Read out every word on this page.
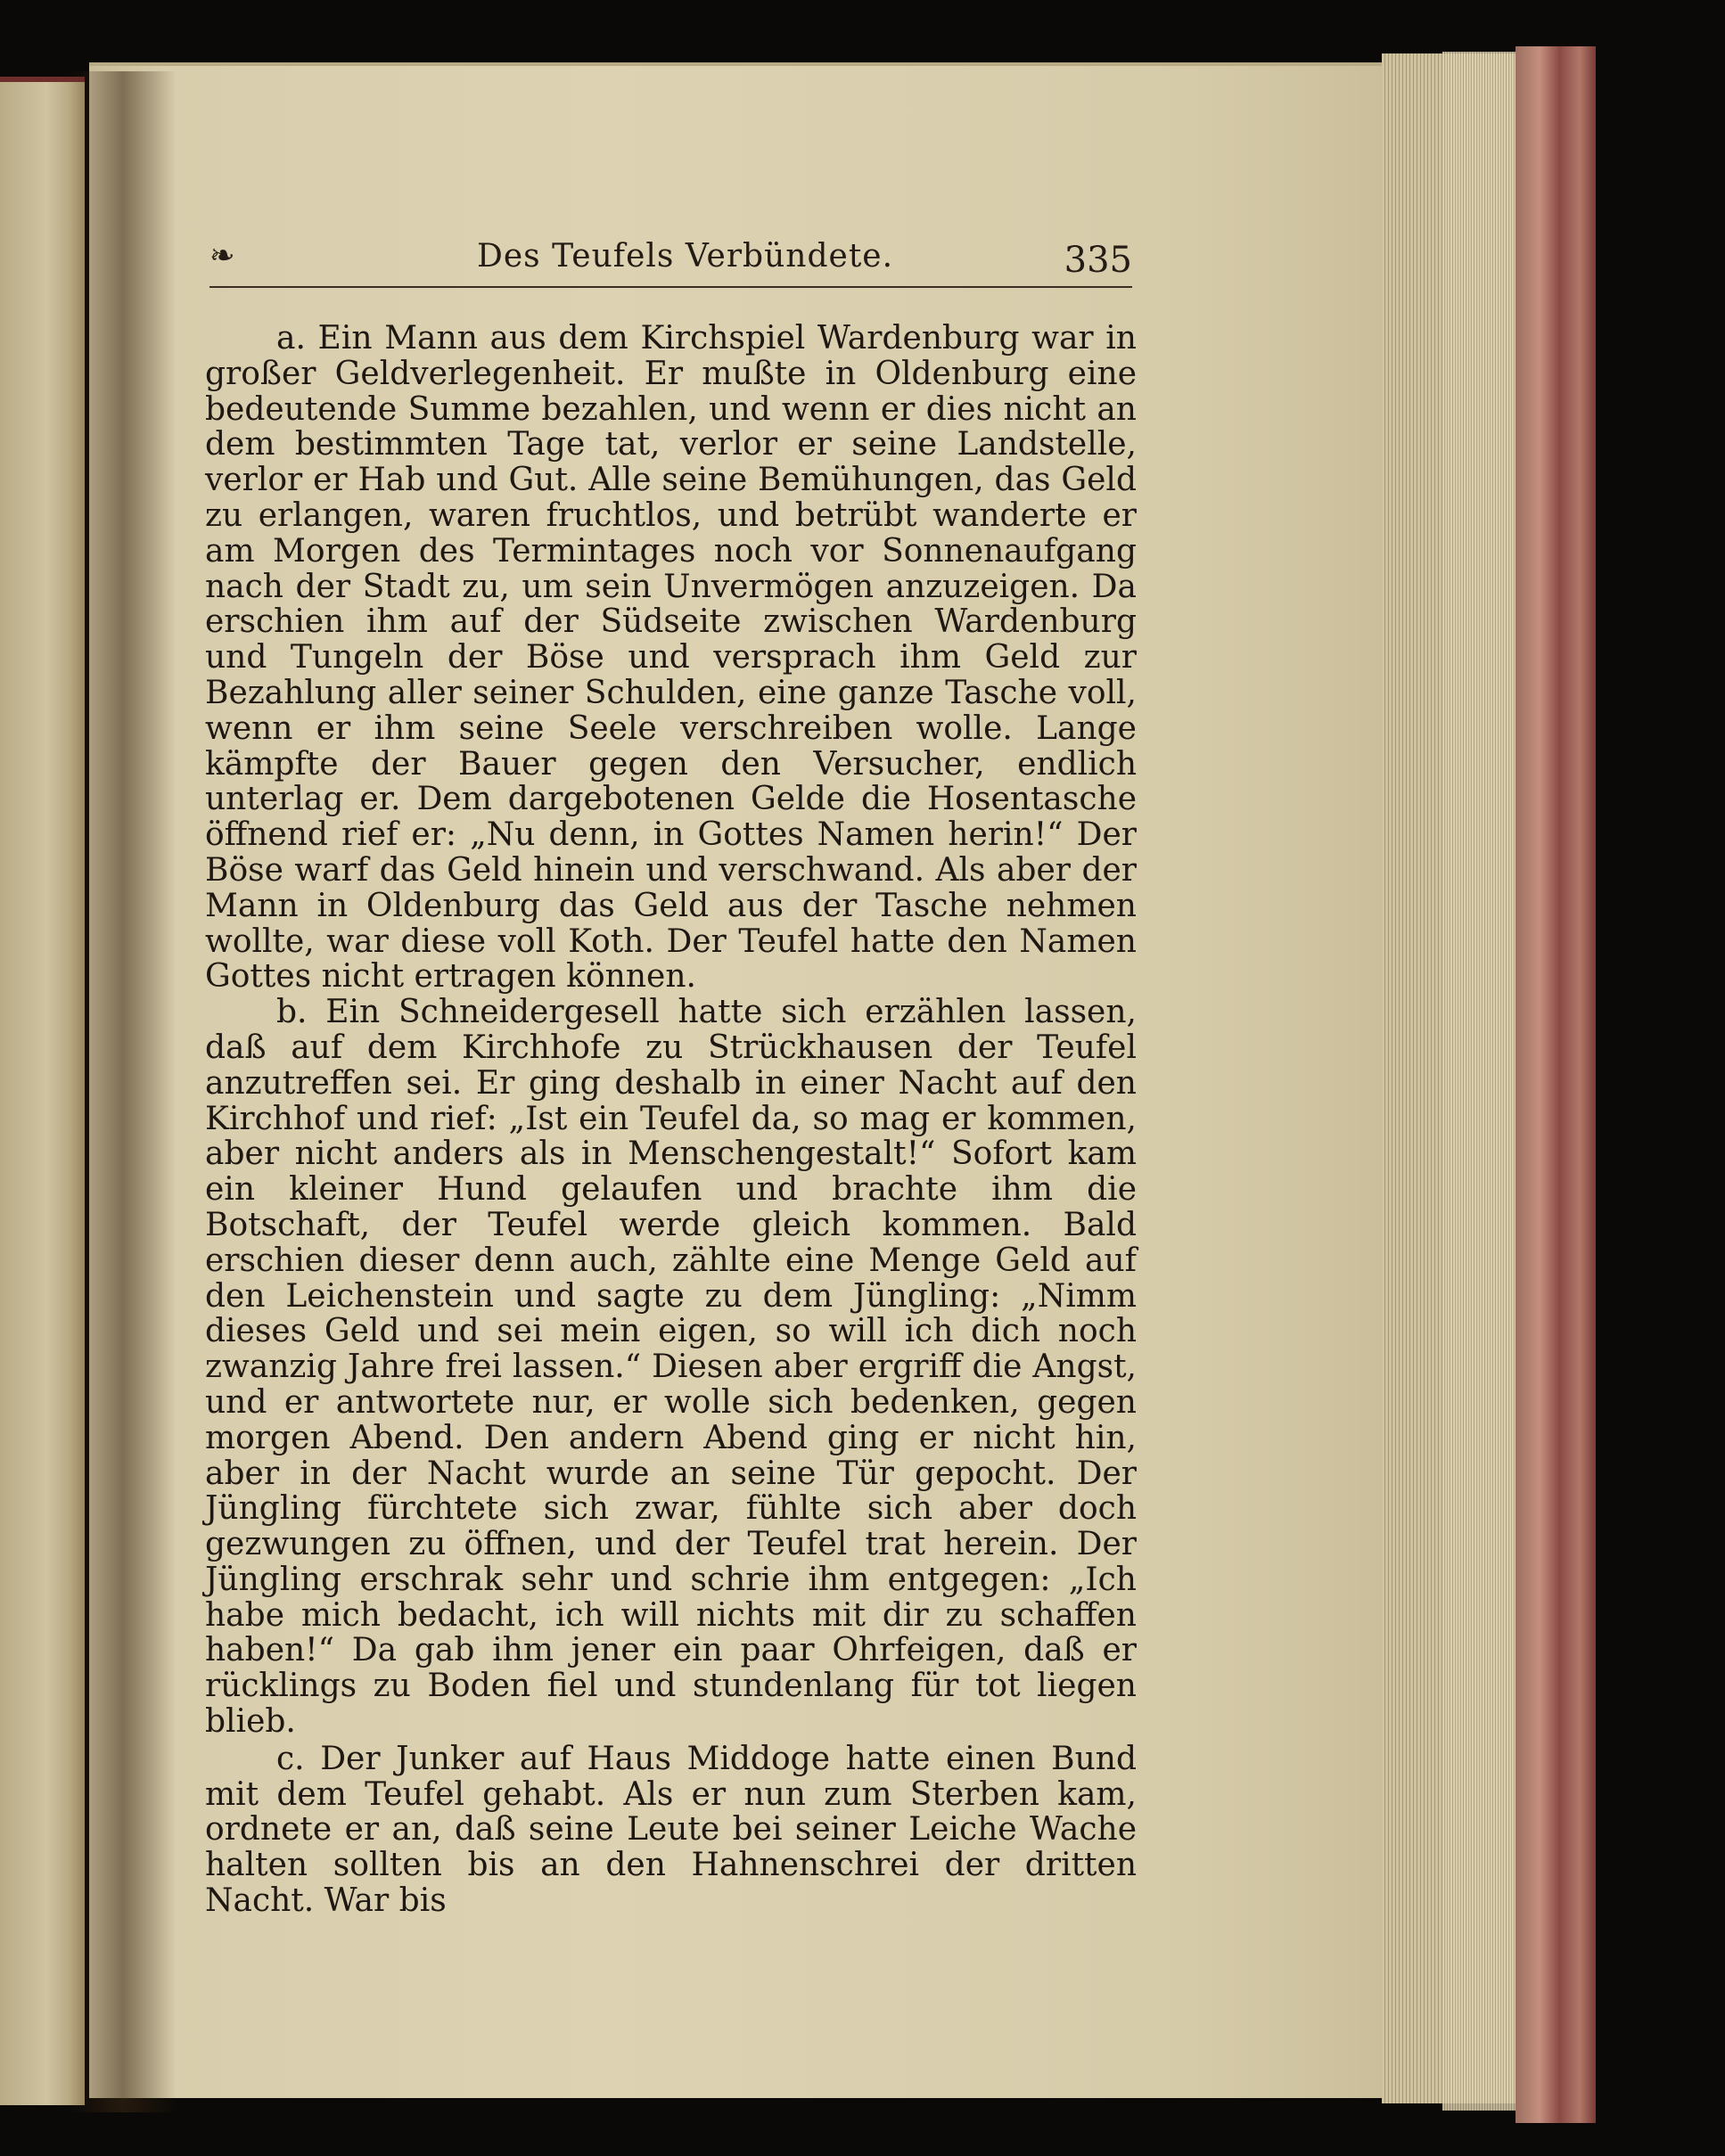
❧	Des Teufels Verbündete.	335

a. Ein Mann aus dem Kirchspiel Wardenburg war in großer Geldverlegenheit. Er mußte in Oldenburg eine bedeutende Summe bezahlen, und wenn er dies nicht an dem bestimmten Tage tat, verlor er seine Landstelle, verlor er Hab und Gut. Alle seine Bemühungen, das Geld zu erlangen, waren fruchtlos, und betrübt wanderte er am Morgen des Termintages noch vor Sonnenaufgang nach der Stadt zu, um sein Unvermögen anzuzeigen. Da erschien ihm auf der Südseite zwischen Wardenburg und Tungeln der Böse und versprach ihm Geld zur Bezahlung aller seiner Schulden, eine ganze Tasche voll, wenn er ihm seine Seele verschreiben wolle. Lange kämpfte der Bauer gegen den Versucher, endlich unterlag er. Dem dargebotenen Gelde die Hosentasche öffnend rief er: „Nu denn, in Gottes Namen herin!“ Der Böse warf das Geld hinein und verschwand. Als aber der Mann in Oldenburg das Geld aus der Tasche nehmen wollte, war diese voll Koth. Der Teufel hatte den Namen Gottes nicht ertragen können.

b. Ein Schneidergesell hatte sich erzählen lassen, daß auf dem Kirchhofe zu Strückhausen der Teufel anzutreffen sei. Er ging deshalb in einer Nacht auf den Kirchhof und rief: „Ist ein Teufel da, so mag er kommen, aber nicht anders als in Menschengestalt!“ Sofort kam ein kleiner Hund gelaufen und brachte ihm die Botschaft, der Teufel werde gleich kommen. Bald erschien dieser denn auch, zählte eine Menge Geld auf den Leichenstein und sagte zu dem Jüngling: „Nimm dieses Geld und sei mein eigen, so will ich dich noch zwanzig Jahre frei lassen.“ Diesen aber ergriff die Angst, und er antwortete nur, er wolle sich bedenken, gegen morgen Abend. Den andern Abend ging er nicht hin, aber in der Nacht wurde an seine Tür gepocht. Der Jüngling fürchtete sich zwar, fühlte sich aber doch gezwungen zu öffnen, und der Teufel trat herein. Der Jüngling erschrak sehr und schrie ihm entgegen: „Ich habe mich bedacht, ich will nichts mit dir zu schaffen haben!“ Da gab ihm jener ein paar Ohrfeigen, daß er rücklings zu Boden fiel und stundenlang für tot liegen blieb.

c. Der Junker auf Haus Middoge hatte einen Bund mit dem Teufel gehabt. Als er nun zum Sterben kam, ordnete er an, daß seine Leute bei seiner Leiche Wache halten sollten bis an den Hahnenschrei der dritten Nacht. War bis
